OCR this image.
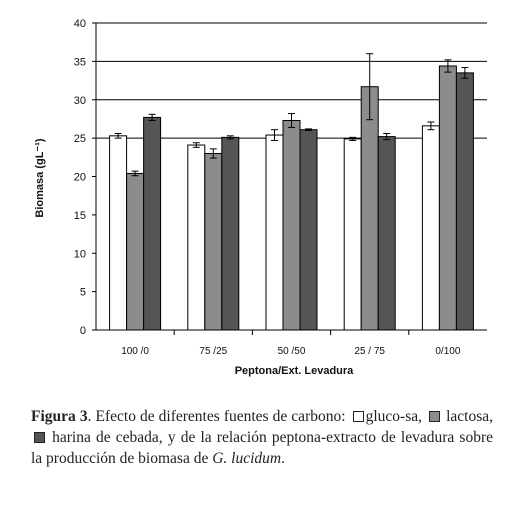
0
5
10
15
20
25
30
35
40
100 /0	75 /25	50 /50	25 / 75	0/100
Biomasa (gL⁻¹)
Peptona/Ext. Levadura
Figura 3. Efecto de diferentes fuentes de carbono: gluco-sa,  lactosa,  harina de cebada, y de la relación peptona-extracto de levadura sobre la producción de biomasa de G. lucidum.
